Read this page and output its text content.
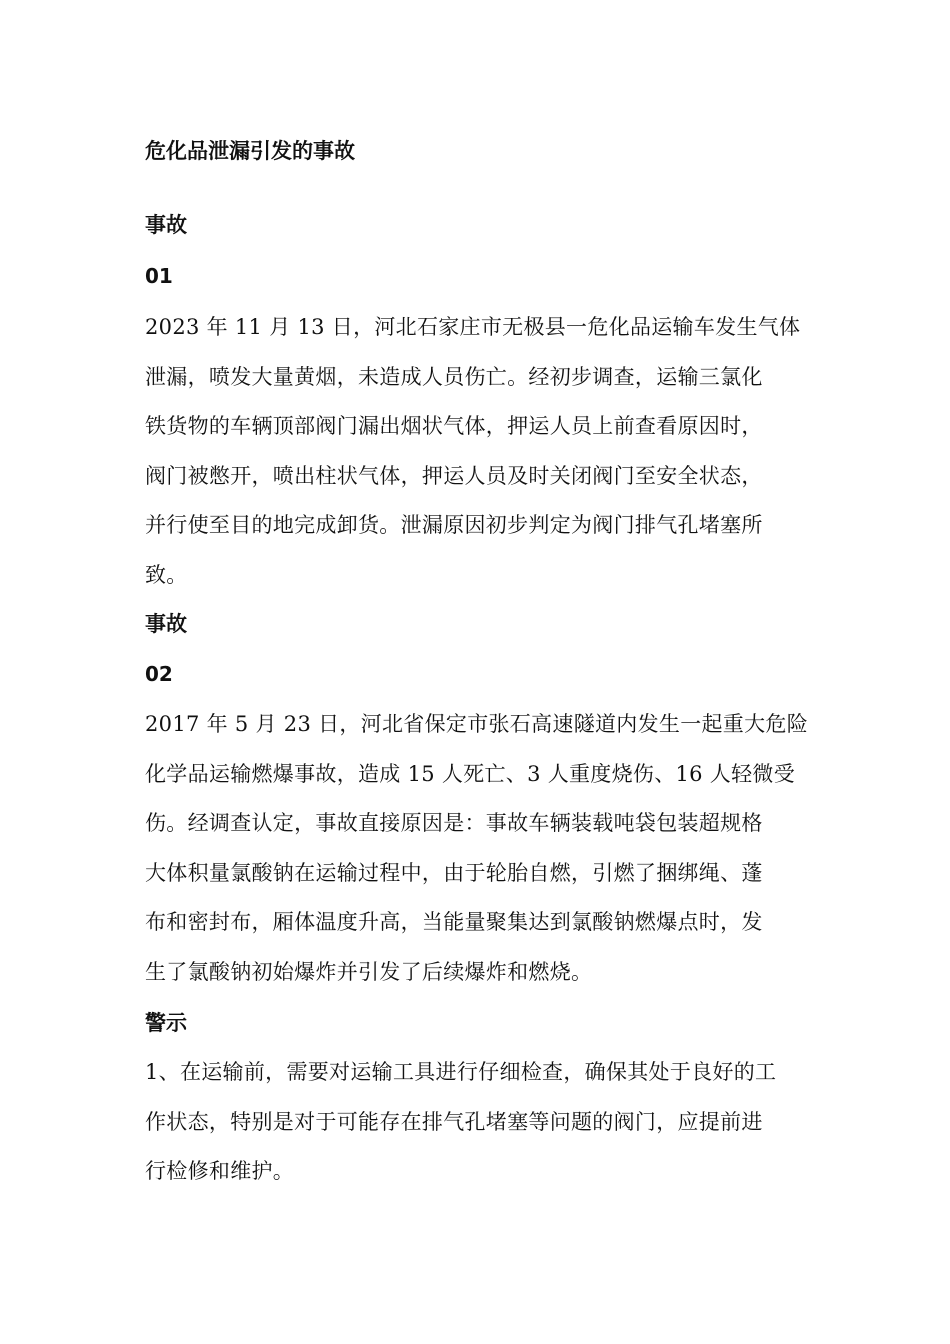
危化品泄漏引发的事故
事故
01
2023 年 11 月 13 日，河北石家庄市无极县一危化品运输车发生气体
泄漏，喷发大量黄烟，未造成人员伤亡。经初步调查，运输三氯化
铁货物的车辆顶部阀门漏出烟状气体，押运人员上前查看原因时，
阀门被憋开，喷出柱状气体，押运人员及时关闭阀门至安全状态，
并行使至目的地完成卸货。泄漏原因初步判定为阀门排气孔堵塞所
致。
事故
02
2017 年 5 月 23 日，河北省保定市张石高速隧道内发生一起重大危险
化学品运输燃爆事故，造成 15 人死亡、3 人重度烧伤、16 人轻微受
伤。经调查认定，事故直接原因是：事故车辆装载吨袋包装超规格
大体积量氯酸钠在运输过程中，由于轮胎自燃，引燃了捆绑绳、蓬
布和密封布，厢体温度升高，当能量聚集达到氯酸钠燃爆点时，发
生了氯酸钠初始爆炸并引发了后续爆炸和燃烧。
警示
1、在运输前，需要对运输工具进行仔细检查，确保其处于良好的工
作状态，特别是对于可能存在排气孔堵塞等问题的阀门，应提前进
行检修和维护。
